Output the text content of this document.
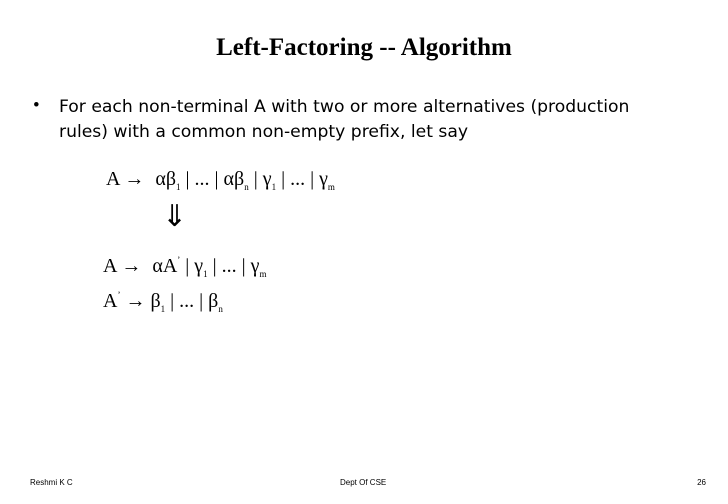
Left-Factoring -- Algorithm
• For each non-terminal A with two or more alternatives (production rules) with a common non-empty prefix, let say
$A \to \alpha\beta_1$ | ... | $\alpha\beta_n$ | $\gamma_1$ | ... | $\gamma_m$
⇓
A → αA’ | $\gamma_1$ | ... | $\gamma_m$
$A^’ \to \beta_1$ | ... | $\beta_n$
Reshmi K C	Dept Of CSE	26
